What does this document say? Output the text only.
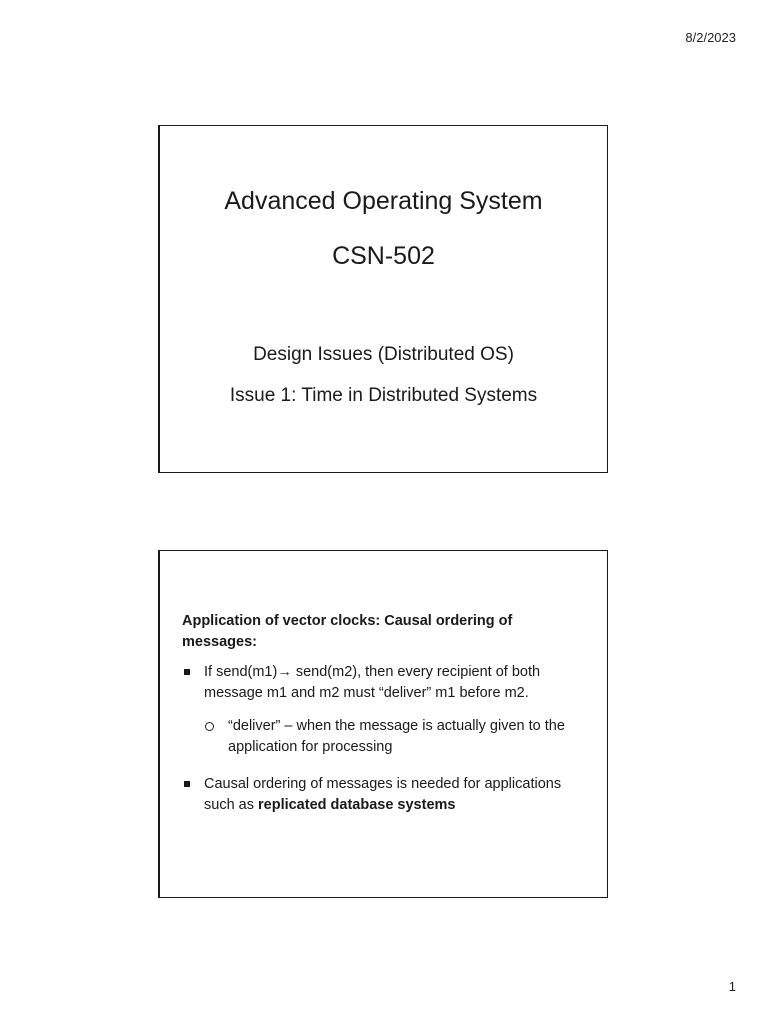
8/2/2023
Advanced Operating System
CSN-502
Design Issues (Distributed OS)
Issue 1: Time in Distributed Systems

Application of vector clocks: Causal ordering of messages:

If send(m1)→ send(m2), then every recipient of both message m1 and m2 must “deliver” m1 before m2.
“deliver” – when the message is actually given to the application for processing
Causal ordering of messages is needed for applications such as replicated database systems
1
